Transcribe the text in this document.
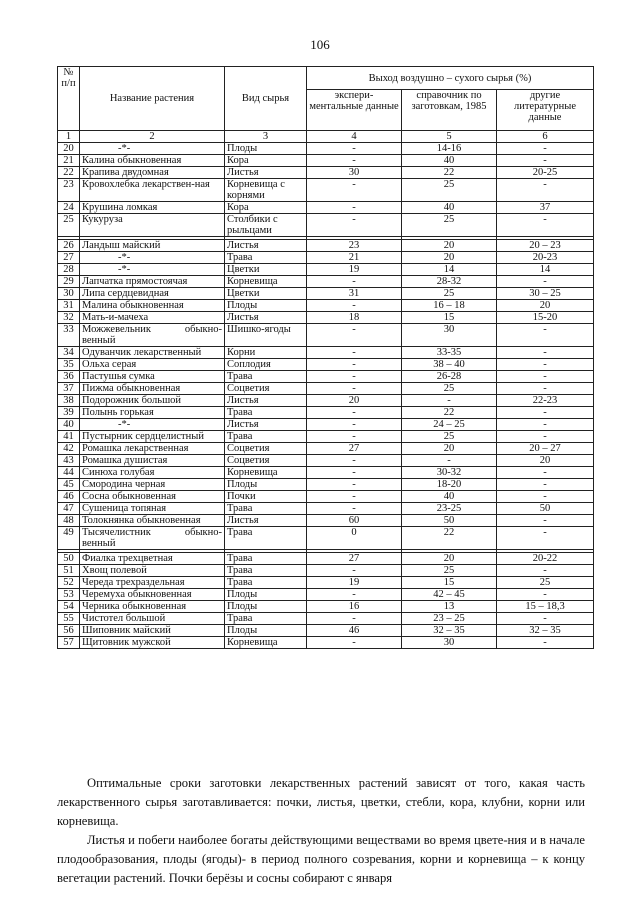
106
№ п/п	Название растения	Вид сырья	Выход воздушно – сухого сырья (%)		
			экспери-ментальные данные	справочник по заготовкам, 1985	другие литературные данные
1	2	3	4	5	6
20	-*-	Плоды	-	14-16	-
21	Калина обыкновенная	Кора	-	40	-
22	Крапива двудомная	Листья	30	22	20-25
23	Кровохлебка лекарствен-ная	Корневища с корнями	-	25	-
24	Крушина ломкая	Кора	-	40	37
25	Кукуруза	Столбики с рыльцами	-	25	-

26	Ландыш майский	Листья	23	20	20 – 23
27	-*-	Трава	21	20	20-23
28	-*-	Цветки	19	14	14
29	Лапчатка прямостоячая	Корневища	-	28-32	-
30	Липа сердцевидная	Цветки	31	25	30 – 25
31	Малина обыкновенная	Плоды	-	16 – 18	20
32	Мать-и-мачеха	Листья	18	15	15-20
33	Можжевельник обыкно-венный	Шишко-ягоды	-	30	-
34	Одуванчик лекарственный	Корни	-	33-35	-
35	Ольха серая	Соплодия	-	38 – 40	-
36	Пастушья сумка	Трава	-	26-28	-
37	Пижма обыкновенная	Соцветия	-	25	-
38	Подорожник большой	Листья	20	-	22-23
39	Полынь горькая	Трава	-	22	-
40	-*-	Листья	-	24 – 25	-
41	Пустырник сердцелистный	Трава	-	25	-
42	Ромашка лекарственная	Соцветия	27	20	20 – 27
43	Ромашка душистая	Соцветия	-	-	20
44	Синюха голубая	Корневища	-	30-32	-
45	Смородина черная	Плоды	-	18-20	-
46	Сосна обыкновенная	Почки	-	40	-
47	Сушеница топяная	Трава	-	23-25	50
48	Толокнянка обыкновенная	Листья	60	50	-
49	Тысячелистник обыкно-венный	Трава	0	22	-

50	Фиалка трехцветная	Трава	27	20	20-22
51	Хвощ полевой	Трава	-	25	-
52	Череда трехраздельная	Трава	19	15	25
53	Черемуха обыкновенная	Плоды	-	42 – 45	-
54	Черника обыкновенная	Плоды	16	13	15 – 18,3
55	Чистотел большой	Трава	-	23 – 25	-
56	Шиповник майский	Плоды	46	32 – 35	32 – 35
57	Щитовник мужской	Корневища	-	30	-

Оптимальные сроки заготовки лекарственных растений зависят от того, какая часть лекарственного сырья заготавливается: почки, листья, цветки, стебли, кора, клубни, корни или корневища.

Листья и побеги наиболее богаты действующими веществами во время цвете-ния и в начале плодообразования, плоды (ягоды)- в период полного созревания, корни и корневища – к концу вегетации растений. Почки берёзы и сосны собирают с января
